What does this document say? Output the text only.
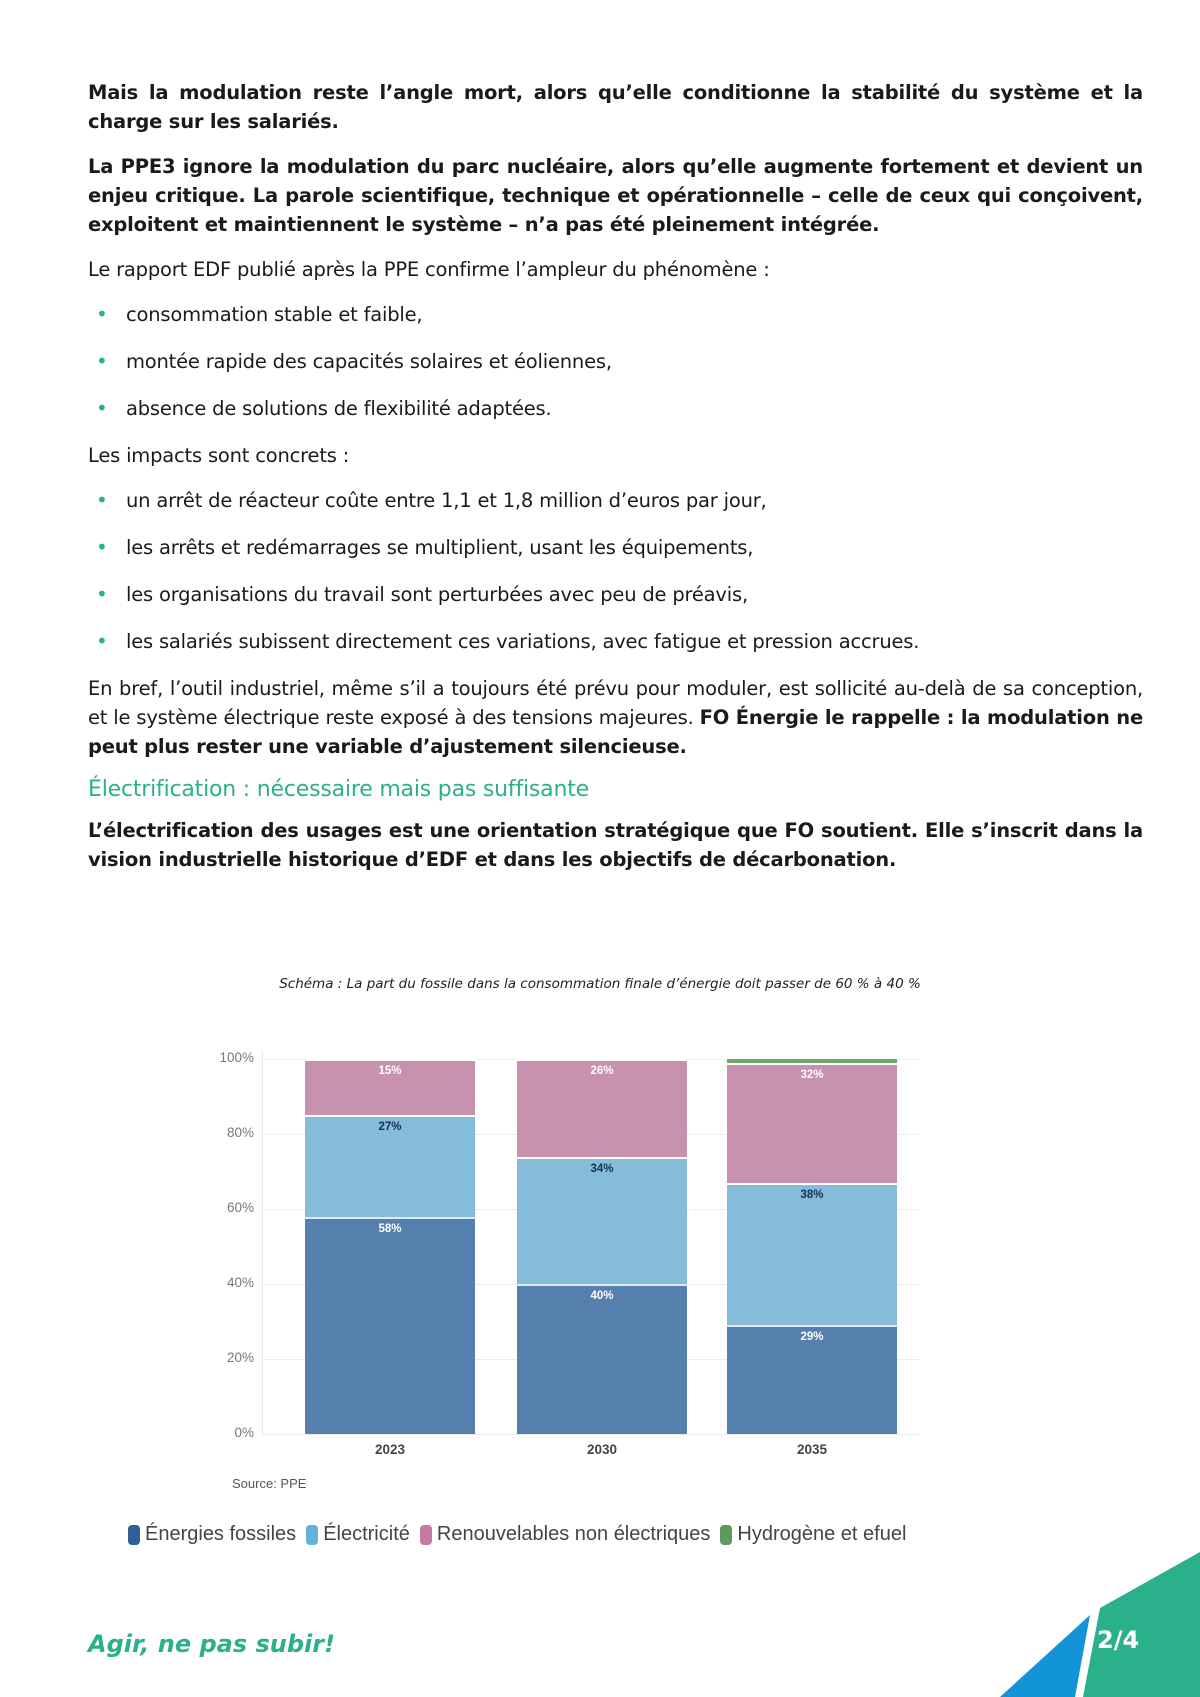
Mais la modulation reste l’angle mort, alors qu’elle conditionne la stabilité du système et la charge sur les salariés.

La PPE3 ignore la modulation du parc nucléaire, alors qu’elle augmente fortement et devient un enjeu critique. La parole scientifique, technique et opérationnelle – celle de ceux qui conçoivent, exploitent et maintiennent le système – n’a pas été pleinement intégrée.

Le rapport EDF publié après la PPE confirme l’ampleur du phénomène :

• consommation stable et faible,
• montée rapide des capacités solaires et éoliennes,
• absence de solutions de flexibilité adaptées.

Les impacts sont concrets :

• un arrêt de réacteur coûte entre 1,1 et 1,8 million d’euros par jour,
• les arrêts et redémarrages se multiplient, usant les équipements,
• les organisations du travail sont perturbées avec peu de préavis,
• les salariés subissent directement ces variations, avec fatigue et pression accrues.

En bref, l’outil industriel, même s’il a toujours été prévu pour moduler, est sollicité au-delà de sa conception, et le système électrique reste exposé à des tensions majeures. FO Énergie le rappelle : la modulation ne peut plus rester une variable d’ajustement silencieuse.

Électrification : nécessaire mais pas suffisante

L’électrification des usages est une orientation stratégique que FO soutient. Elle s’inscrit dans la vision industrielle historique d’EDF et dans les objectifs de décarbonation.

Schéma : La part du fossile dans la consommation finale d’énergie doit passer de 60 % à 40 %
0%
20%
40%
60%
80%
100%
58%
27%
15%
2023
40%
34%
26%
2030
29%
38%
32%
2035
Source: PPE
Énergies fossiles Électricité Renouvelables non électriques Hydrogène et efuel
Agir, ne pas subir!	2/4
